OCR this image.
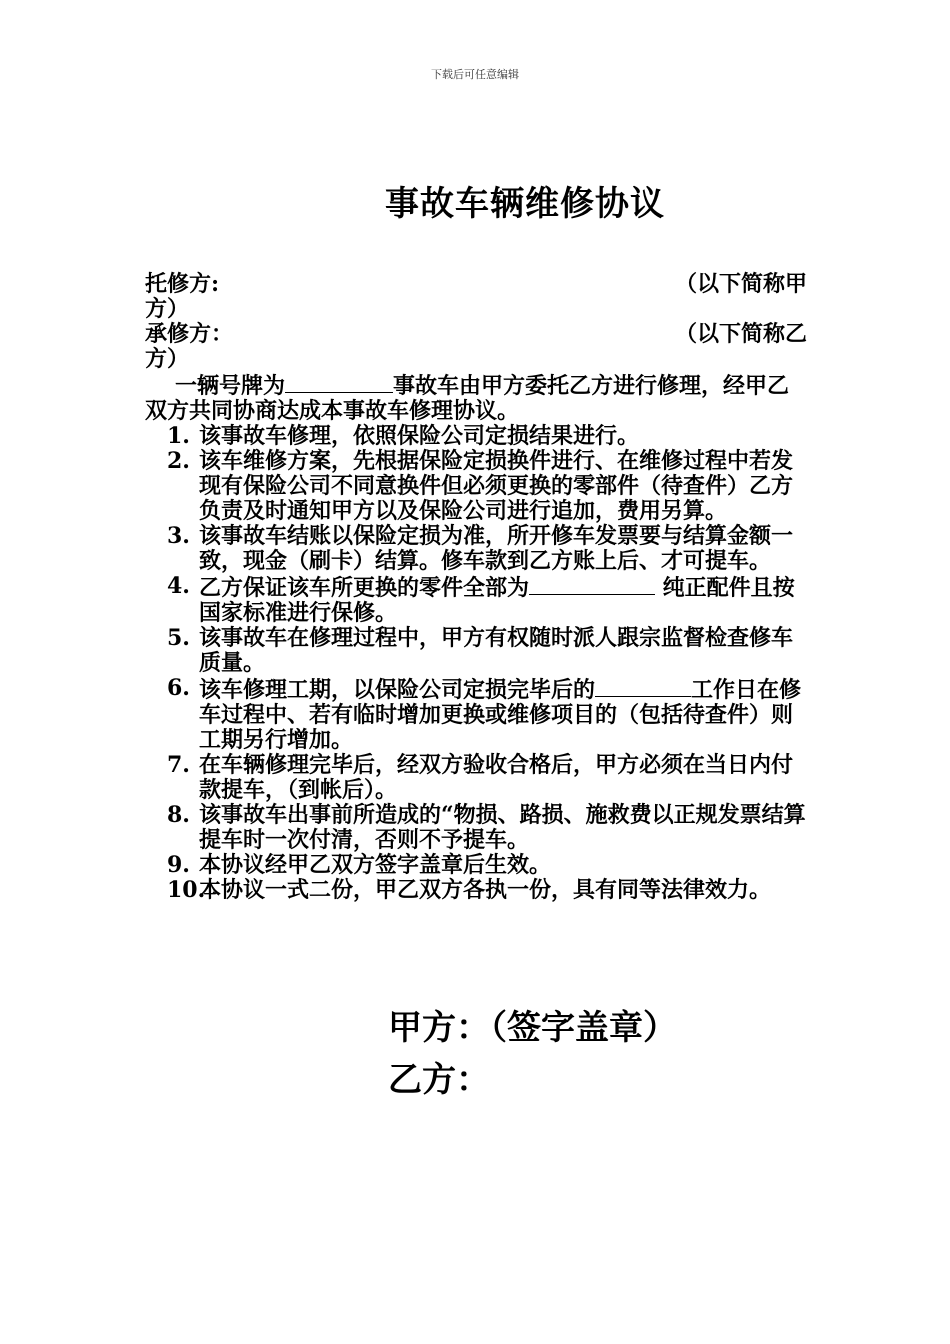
下载后可任意编辑
事故车辆维修协议
托修方:	（以下简称甲
方）
承修方：	（以下简称乙
方）

一辆号牌为	事故车由甲方委托乙方进行修理，经甲乙双方共同协商达成本事故车修理协议。

1. 该事故车修理，依照保险公司定损结果进行。
2. 该车维修方案，先根据保险定损换件进行、在维修过程中若发现有保险公司不同意换件但必须更换的零部件（待查件）乙方负责及时通知甲方以及保险公司进行追加，费用另算。
3. 该事故车结账以保险定损为准，所开修车发票要与结算金额一致，现金（刷卡）结算。修车款到乙方账上后、才可提车。
4. 乙方保证该车所更换的零件全部为	纯正配件且按国家标准进行保修。
5. 该事故车在修理过程中，甲方有权随时派人跟宗监督检查修车质量。
6. 该车修理工期，以保险公司定损完毕后的	工作日在修车过程中、若有临时增加更换或维修项目的（包括待查件）则工期另行增加。
7. 在车辆修理完毕后，经双方验收合格后，甲方必须在当日内付款提车，（到帐后）。
8. 该事故车出事前所造成的“物损、路损、施救费以正规发票结算提车时一次付清，否则不予提车。
9. 本协议经甲乙双方签字盖章后生效。
10.
本协议一式二份，甲乙双方各执一份，具有同等法律效力。
甲方：（签字盖章）
乙方：
